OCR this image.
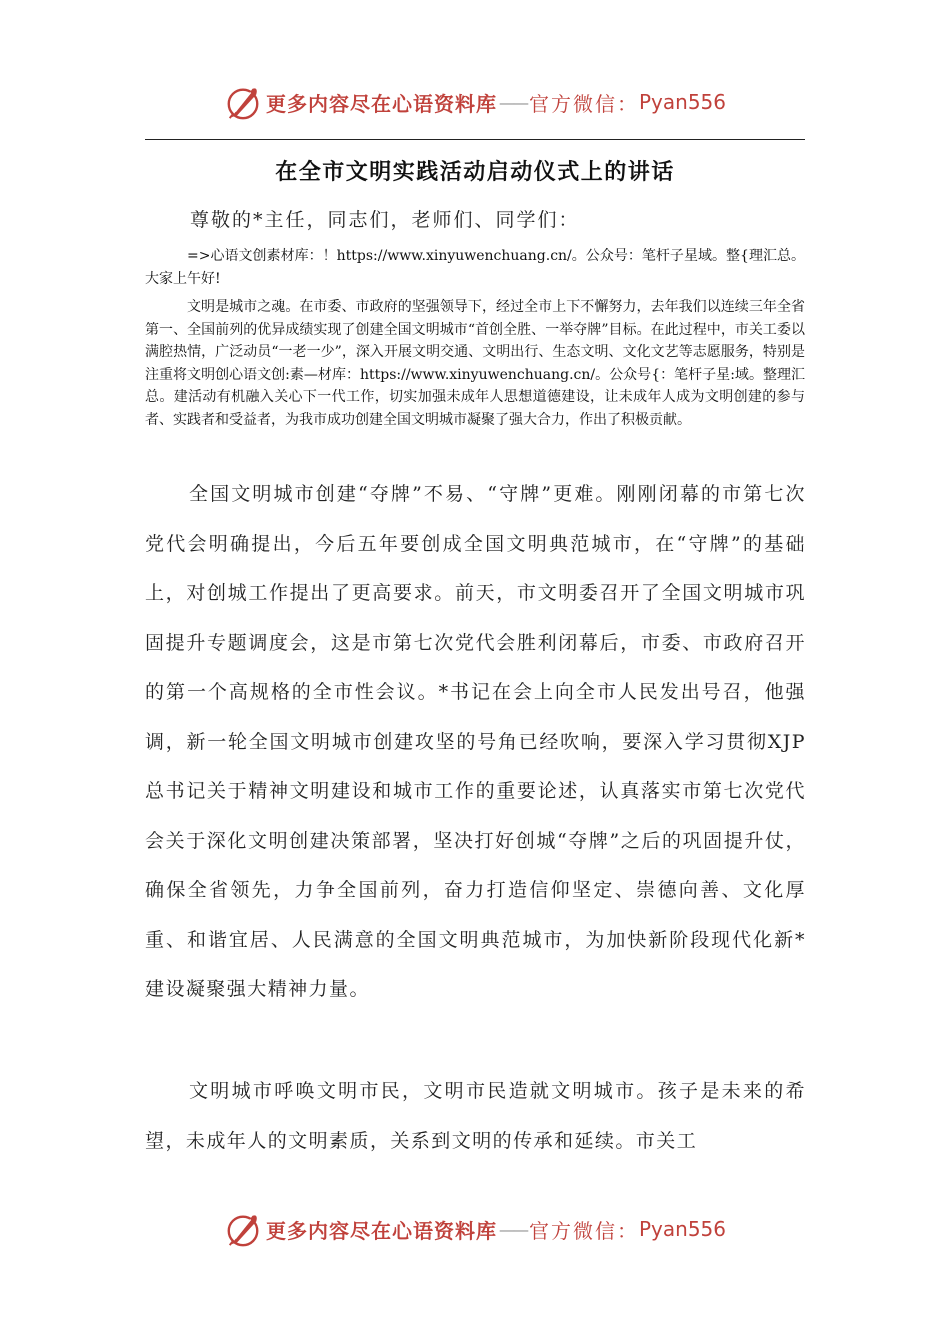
更多内容尽在心语资料库 —— 官方微信： Pyan556
在全市文明实践活动启动仪式上的讲话
尊敬的*主任，同志们，老师们、同学们：

=>心语文创素材库：！https://www.xinyuwenchuang.cn/。公众号：笔杆子星域。整{理汇总。大家上午好!

文明是城市之魂。在市委、市政府的坚强领导下，经过全市上下不懈努力，去年我们以连续三年全省第一、全国前列的优异成绩实现了创建全国文明城市“首创全胜、一举夺牌”目标。在此过程中，市关工委以满腔热情，广泛动员“一老一少”，深入开展文明交通、文明出行、生态文明、文化文艺等志愿服务，特别是注重将文明创心语文创:素—材库：https://www.xinyuwenchuang.cn/。公众号{：笔杆子星:域。整理汇总。建活动有机融入关心下一代工作，切实加强未成年人思想道德建设，让未成年人成为文明创建的参与者、实践者和受益者，为我市成功创建全国文明城市凝聚了强大合力，作出了积极贡献。

全国文明城市创建“夺牌”不易、“守牌”更难。刚刚闭幕的市第七次党代会明确提出，今后五年要创成全国文明典范城市，在“守牌”的基础上，对创城工作提出了更高要求。前天，市文明委召开了全国文明城市巩固提升专题调度会，这是市第七次党代会胜利闭幕后，市委、市政府召开的第一个高规格的全市性会议。*书记在会上向全市人民发出号召，他强调，新一轮全国文明城市创建攻坚的号角已经吹响，要深入学习贯彻XJP总书记关于精神文明建设和城市工作的重要论述，认真落实市第七次党代会关于深化文明创建决策部署，坚决打好创城“夺牌”之后的巩固提升仗，确保全省领先，力争全国前列，奋力打造信仰坚定、崇德向善、文化厚重、和谐宜居、人民满意的全国文明典范城市，为加快新阶段现代化新*建设凝聚强大精神力量。

文明城市呼唤文明市民，文明市民造就文明城市。孩子是未来的希望，未成年人的文明素质，关系到文明的传承和延续。市关工

更多内容尽在心语资料库 —— 官方微信： Pyan556
